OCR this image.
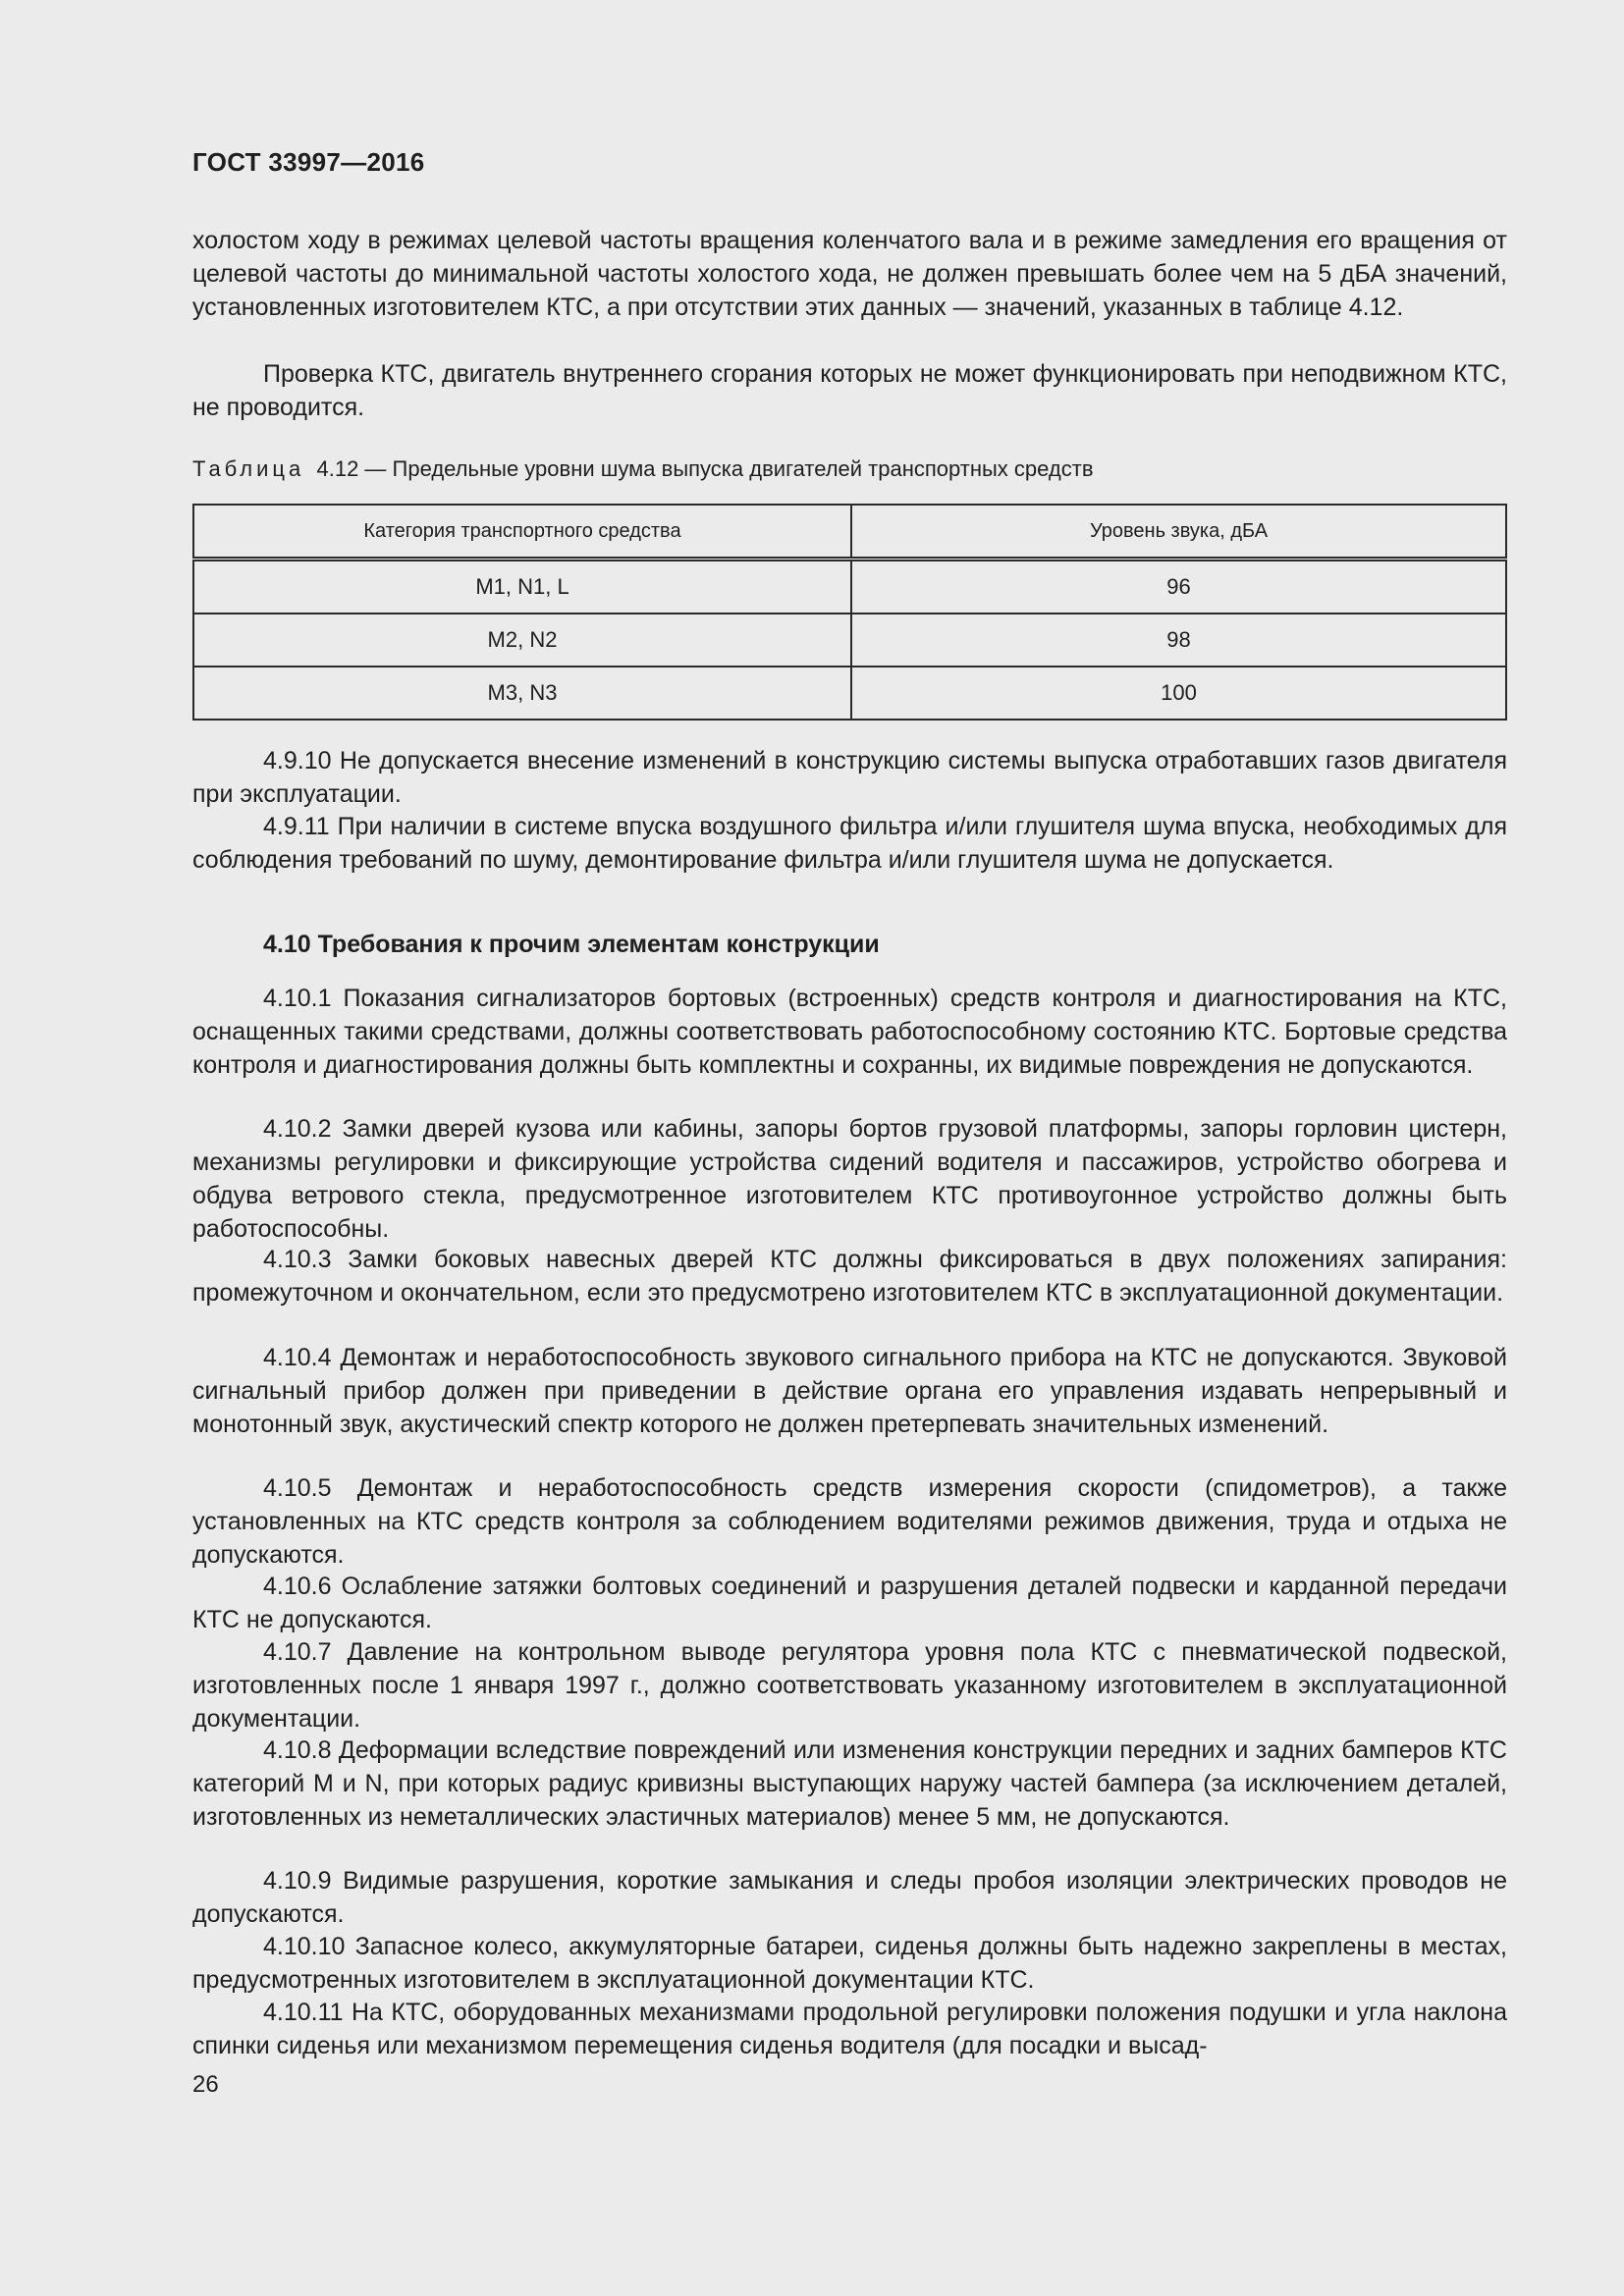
ГОСТ 33997—2016

холостом ходу в режимах целевой частоты вращения коленчатого вала и в режиме замедления его вращения от целевой частоты до минимальной частоты холостого хода, не должен превышать более чем на 5 дБА значений, установленных изготовителем КТС, а при отсутствии этих данных — значений, указанных в таблице 4.12.

Проверка КТС, двигатель внутреннего сгорания которых не может функционировать при неподвижном КТС, не проводится.

Таблица 4.12 — Предельные уровни шума выпуска двигателей транспортных средств
Категория транспортного средства	Уровень звука, дБА
M1, N1, L	96
M2, N2	98
M3, N3	100

4.9.10 Не допускается внесение изменений в конструкцию системы выпуска отработавших газов двигателя при эксплуатации.

4.9.11 При наличии в системе впуска воздушного фильтра и/или глушителя шума впуска, необходимых для соблюдения требований по шуму, демонтирование фильтра и/или глушителя шума не допускается.

4.10 Требования к прочим элементам конструкции

4.10.1 Показания сигнализаторов бортовых (встроенных) средств контроля и диагностирования на КТС, оснащенных такими средствами, должны соответствовать работоспособному состоянию КТС. Бортовые средства контроля и диагностирования должны быть комплектны и сохранны, их видимые повреждения не допускаются.

4.10.2 Замки дверей кузова или кабины, запоры бортов грузовой платформы, запоры горловин цистерн, механизмы регулировки и фиксирующие устройства сидений водителя и пассажиров, устройство обогрева и обдува ветрового стекла, предусмотренное изготовителем КТС противоугонное устройство должны быть работоспособны.

4.10.3 Замки боковых навесных дверей КТС должны фиксироваться в двух положениях запирания: промежуточном и окончательном, если это предусмотрено изготовителем КТС в эксплуатационной документации.

4.10.4 Демонтаж и неработоспособность звукового сигнального прибора на КТС не допускаются. Звуковой сигнальный прибор должен при приведении в действие органа его управления издавать непрерывный и монотонный звук, акустический спектр которого не должен претерпевать значительных изменений.

4.10.5 Демонтаж и неработоспособность средств измерения скорости (спидометров), а также установленных на КТС средств контроля за соблюдением водителями режимов движения, труда и отдыха не допускаются.

4.10.6 Ослабление затяжки болтовых соединений и разрушения деталей подвески и карданной передачи КТС не допускаются.

4.10.7 Давление на контрольном выводе регулятора уровня пола КТС с пневматической подвеской, изготовленных после 1 января 1997 г., должно соответствовать указанному изготовителем в эксплуатационной документации.

4.10.8 Деформации вследствие повреждений или изменения конструкции передних и задних бамперов КТС категорий M и N, при которых радиус кривизны выступающих наружу частей бампера (за исключением деталей, изготовленных из неметаллических эластичных материалов) менее 5 мм, не допускаются.

4.10.9 Видимые разрушения, короткие замыкания и следы пробоя изоляции электрических проводов не допускаются.

4.10.10 Запасное колесо, аккумуляторные батареи, сиденья должны быть надежно закреплены в местах, предусмотренных изготовителем в эксплуатационной документации КТС.

4.10.11 На КТС, оборудованных механизмами продольной регулировки положения подушки и угла наклона спинки сиденья или механизмом перемещения сиденья водителя (для посадки и высад-

26
